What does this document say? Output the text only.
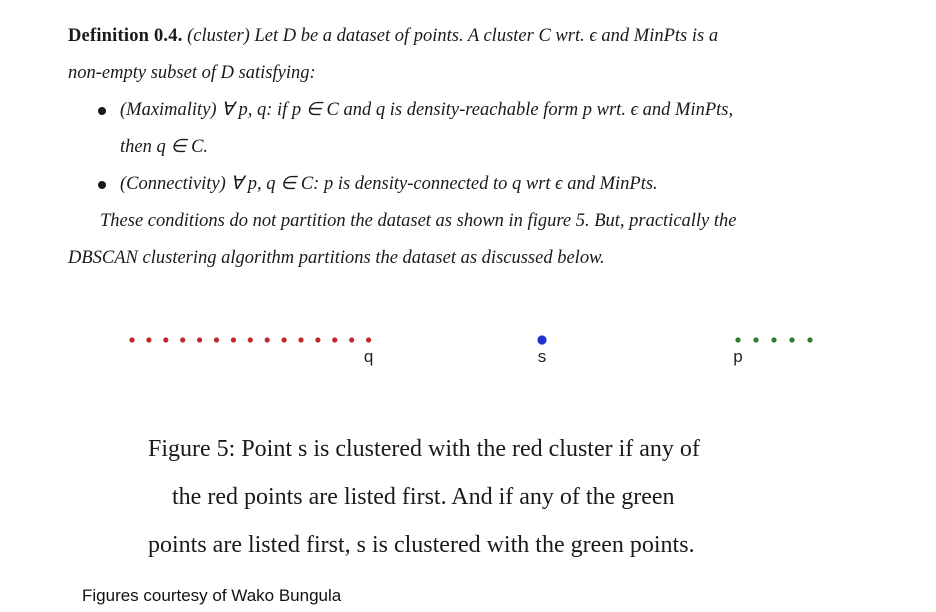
Definition 0.4. (cluster) Let D be a dataset of points. A cluster C wrt. ϵ and MinPts is a
non-empty subset of D satisfying:
(Maximality) ∀ p, q: if p ∈ C and q is density-reachable form p wrt. ϵ and MinPts,
then q ∈ C.
(Connectivity) ∀ p, q ∈ C: p is density-connected to q wrt ϵ and MinPts.
These conditions do not partition the dataset as shown in figure 5. But, practically the
DBSCAN clustering algorithm partitions the dataset as discussed below.
q	s	p
Figure 5: Point s is clustered with the red cluster if any of
the red points are listed first. And if any of the green
points are listed first, s is clustered with the green points.
Figures courtesy of Wako Bungula
